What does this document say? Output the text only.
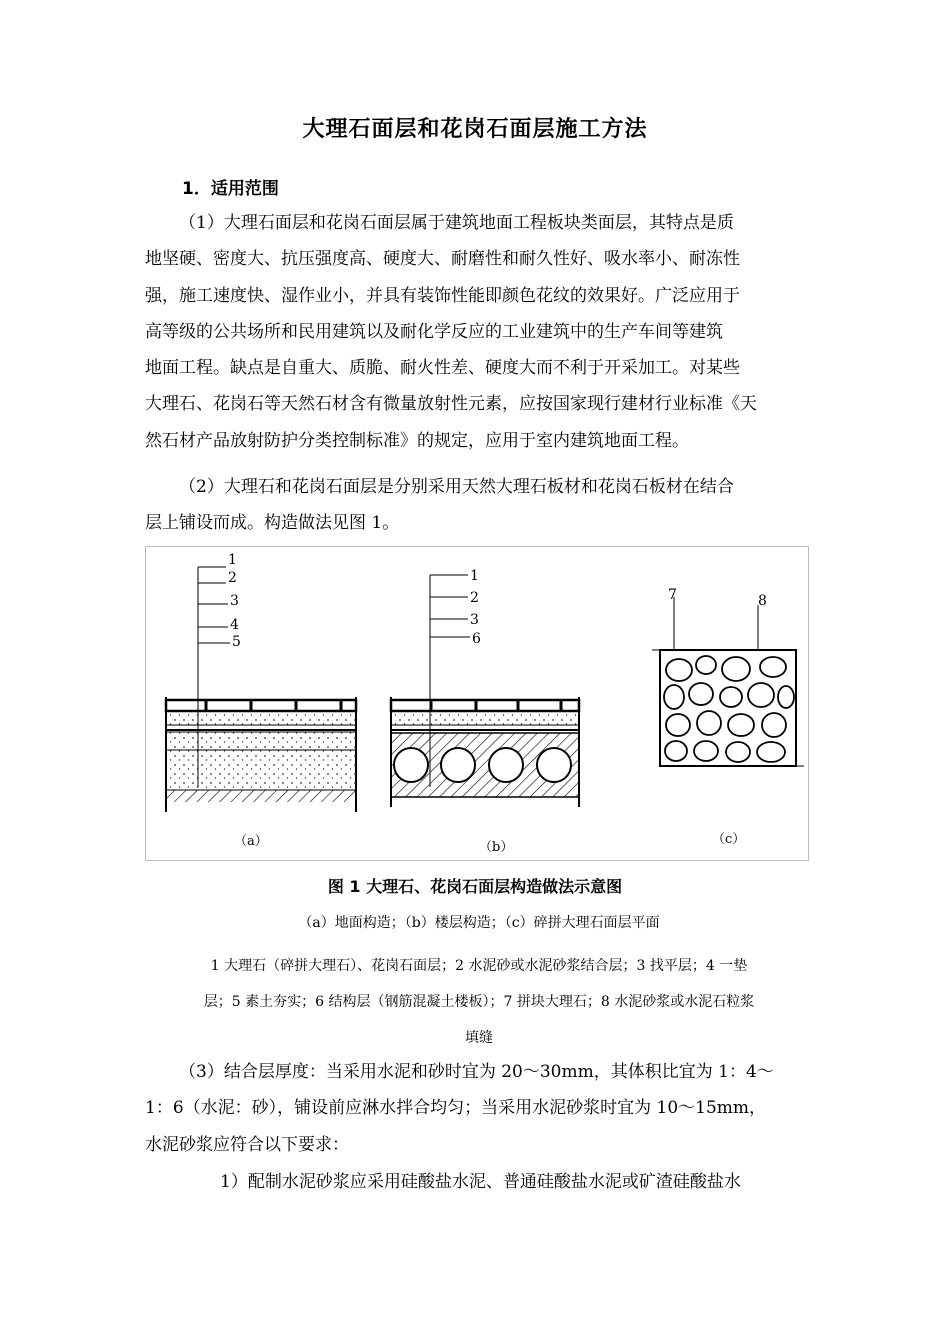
大理石面层和花岗石面层施工方法
1．适用范围
（1）大理石面层和花岗石面层属于建筑地面工程板块类面层，其特点是质
地坚硬、密度大、抗压强度高、硬度大、耐磨性和耐久性好、吸水率小、耐冻性
强，施工速度快、湿作业小，并具有装饰性能即颜色花纹的效果好。广泛应用于
高等级的公共场所和民用建筑以及耐化学反应的工业建筑中的生产车间等建筑
地面工程。缺点是自重大、质脆、耐火性差、硬度大而不利于开采加工。对某些
大理石、花岗石等天然石材含有微量放射性元素，应按国家现行建材行业标准《天
然石材产品放射防护分类控制标准》的规定，应用于室内建筑地面工程。
（2）大理石和花岗石面层是分别采用天然大理石板材和花岗石板材在结合
层上铺设而成。构造做法见图 1。
1
2
3
4
5
（a）
1
2
3
6
（b）
7	8
（c）
图 1 大理石、花岗石面层构造做法示意图
（a）地面构造；（b）楼层构造；（c）碎拼大理石面层平面
1 大理石（碎拼大理石）、花岗石面层；2 水泥砂或水泥砂浆结合层；3 找平层；4 一垫
层；5 素土夯实；6 结构层（钢筋混凝土楼板）；7 拼块大理石；8 水泥砂浆或水泥石粒浆
填缝
（3）结合层厚度：当采用水泥和砂时宜为 20～30mm，其体积比宜为 1：4～
1：6（水泥：砂），铺设前应淋水拌合均匀；当采用水泥砂浆时宜为 10～15mm，
水泥砂浆应符合以下要求：
1）配制水泥砂浆应采用硅酸盐水泥、普通硅酸盐水泥或矿渣硅酸盐水
